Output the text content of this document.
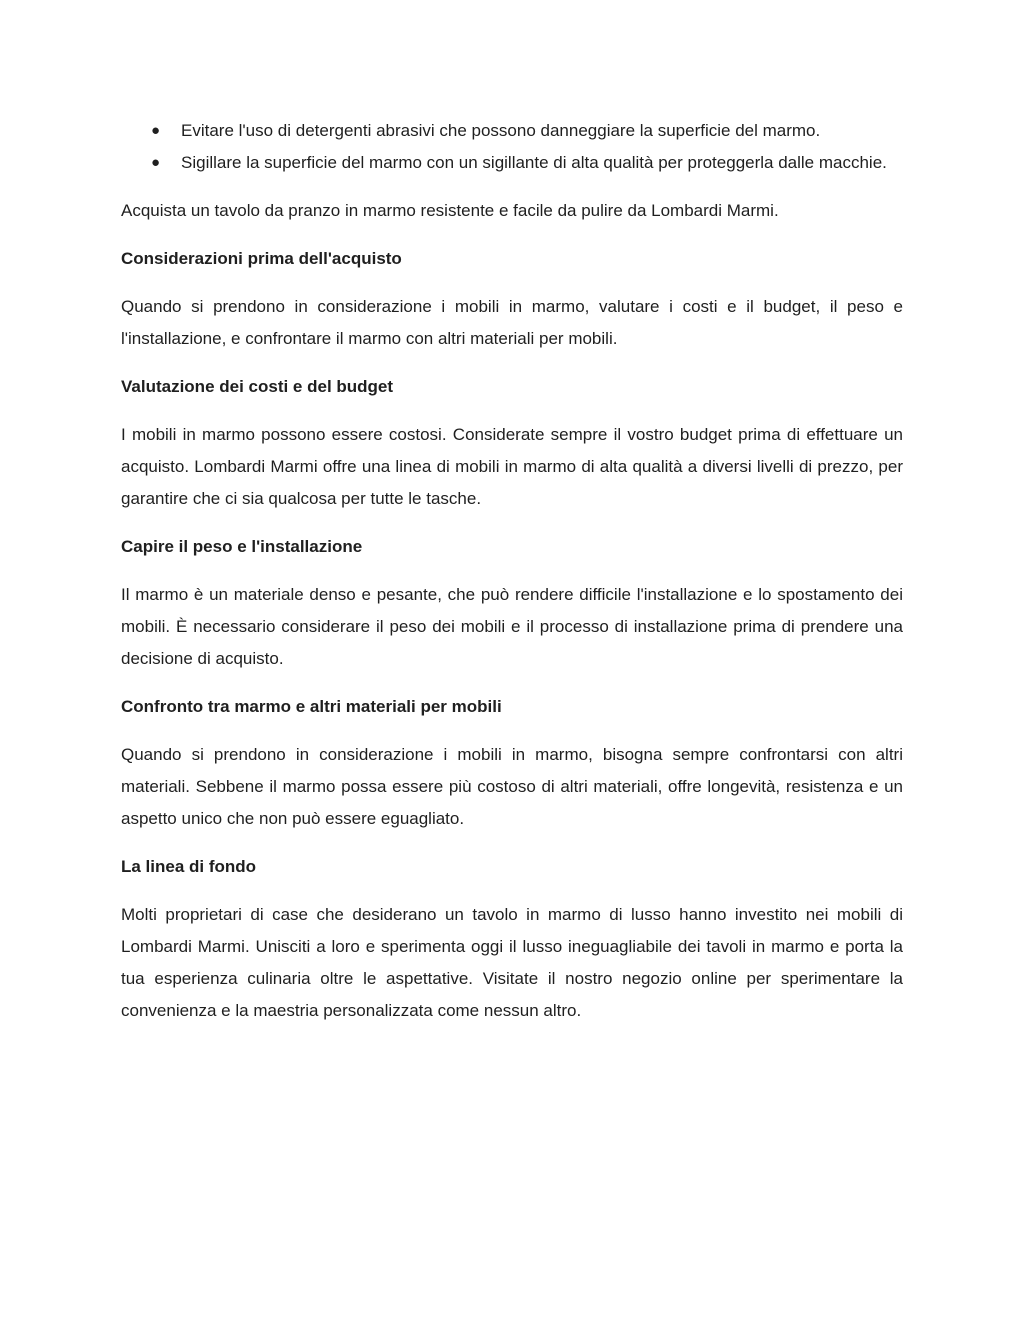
● Evitare l'uso di detergenti abrasivi che possono danneggiare la superficie del marmo.
● Sigillare la superficie del marmo con un sigillante di alta qualità per proteggerla dalle macchie.

Acquista un tavolo da pranzo in marmo resistente e facile da pulire da Lombardi Marmi.

Considerazioni prima dell'acquisto

Quando si prendono in considerazione i mobili in marmo, valutare i costi e il budget, il peso e l'installazione, e confrontare il marmo con altri materiali per mobili.

Valutazione dei costi e del budget

I mobili in marmo possono essere costosi. Considerate sempre il vostro budget prima di effettuare un acquisto. Lombardi Marmi offre una linea di mobili in marmo di alta qualità a diversi livelli di prezzo, per garantire che ci sia qualcosa per tutte le tasche.

Capire il peso e l'installazione

Il marmo è un materiale denso e pesante, che può rendere difficile l'installazione e lo spostamento dei mobili. È necessario considerare il peso dei mobili e il processo di installazione prima di prendere una decisione di acquisto.

Confronto tra marmo e altri materiali per mobili

Quando si prendono in considerazione i mobili in marmo, bisogna sempre confrontarsi con altri materiali. Sebbene il marmo possa essere più costoso di altri materiali, offre longevità, resistenza e un aspetto unico che non può essere eguagliato.

La linea di fondo

Molti proprietari di case che desiderano un tavolo in marmo di lusso hanno investito nei mobili di Lombardi Marmi. Unisciti a loro e sperimenta oggi il lusso ineguagliabile dei tavoli in marmo e porta la tua esperienza culinaria oltre le aspettative. Visitate il nostro negozio online per sperimentare la convenienza e la maestria personalizzata come nessun altro.
